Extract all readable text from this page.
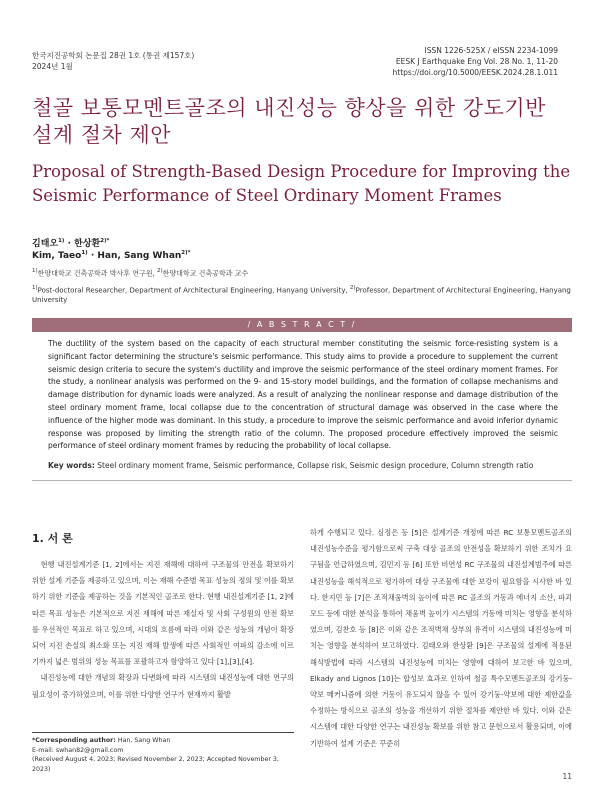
한국지진공학회 논문집 28권 1호 (통권 제157호)
2024년 1월
ISSN 1226-525X / eISSN 2234-1099
EESK J Earthquake Eng Vol. 28 No. 1, 11-20
https://doi.org/10.5000/EESK.2024.28.1.011
철골 보통모멘트골조의 내진성능 향상을 위한 강도기반 설계 절차 제안
Proposal of Strength-Based Design Procedure for Improving the Seismic Performance of Steel Ordinary Moment Frames
김태오$^{1)}$ · 한상환$^{2)*}$
Kim, Taeo$^{1)}$ · Han, Sang Whan$^{2)*}$
$^{1)}$한양대학교 건축공학과 박사후 연구원, $^{2)}$한양대학교 건축공학과 교수
$^{1)}$Post-doctoral Researcher, Department of Architectural Engineering, Hanyang University, $^{2)}$Professor, Department of Architectural Engineering, Hanyang University
/ A B S T R A C T /
The ductility of the system based on the capacity of each structural member constituting the seismic force-resisting system is a significant factor determining the structure's seismic performance. This study aims to provide a procedure to supplement the current seismic design criteria to secure the system's ductility and improve the seismic performance of the steel ordinary moment frames. For the study, a nonlinear analysis was performed on the 9- and 15-story model buildings, and the formation of collapse mechanisms and damage distribution for dynamic loads were analyzed. As a result of analyzing the nonlinear response and damage distribution of the steel ordinary moment frame, local collapse due to the concentration of structural damage was observed in the case where the influence of the higher mode was dominant. In this study, a procedure to improve the seismic performance and avoid inferior dynamic response was proposed by limiting the strength ratio of the column. The proposed procedure effectively improved the seismic performance of steel ordinary moment frames by reducing the probability of local collapse.
Key words: Steel ordinary moment frame, Seismic performance, Collapse risk, Seismic design procedure, Column strength ratio
1. 서 론

현행 내진설계기준 [1, 2]에서는 지진 재해에 대하여 구조물의 안전을 확보하기 위한 설계 기준을 제공하고 있으며, 이는 재해 수준별 목표 성능의 정의 및 이를 확보하기 위한 기준을 제공하는 것을 기본적인 골조로 한다. 현행 내진설계기준 [1, 2]에 따른 목표 성능은 기본적으로 지진 재해에 따른 재실자 및 사회 구성원의 안전 확보를 우선적인 목표로 하고 있으며, 시대의 흐름에 따라 이와 같은 성능의 개념이 확장되어 지진 손실의 최소화 또는 지진 재해 발생에 따른 사회적인 여파의 감소에 이르기까지 넓은 범위의 성능 목표를 포괄하고자 함양하고 있다 [1],[3],[4].

내진성능에 대한 개념의 확장과 다변화에 따라 시스템의 내진성능에 대한 연구의 필요성이 증가하였으며, 이를 위한 다양한 연구가 현재까지 활발

하게 수행되고 있다. 심정은 등 [5]은 설계기준 개정에 따른 RC 보통모멘트골조의 내진성능수준을 평가함으로써 구축 대상 골조의 안전성을 확보하기 위한 조치가 요구됨을 언급하였으며, 김민지 등 [6] 또한 비연성 RC 구조물의 내진설계범주에 따른 내진성능을 해석적으로 평가하여 대상 구조물에 대한 보강이 필요함을 시사한 바 있다. 한지민 등 [7]은 조적채움벽의 높이에 따른 RC 골조의 거동과 에너지 소산, 파괴모드 등에 대한 분석을 통하여 채움벽 높이가 시스템의 거동에 미치는 영향을 분석하였으며, 김찬호 등 [8]은 이와 같은 조적벽채 상부의 유격이 시스템의 내진성능에 미치는 영향을 분석하여 보고하였다. 김태오와 한상환 [9]은 구조물의 설계에 적용된 해석방법에 따라 시스템의 내진성능에 미치는 영향에 대하여 보고한 바 있으며, Elkady and Lignos [10]는 합성보 효과로 인하여 철골 특수모멘트골조의 강기둥-약보 메커니즘에 의한 거동이 유도되지 않을 수 있어 강기둥-약보에 대한 제한값을 수정하는 방식으로 골조의 성능을 개선하기 위한 절차를 제안한 바 있다. 이와 같은 시스템에 대한 다양한 연구는 내진성능 확보를 위한 참고 문헌으로서 활용되며, 이에 기반하여 설계 기준은 꾸준히

*Corresponding author: Han, Sang Whan
E-mail: swhan82@gmail.com
(Received August 4, 2023; Revised November 2, 2023; Accepted November 3, 2023)
11
